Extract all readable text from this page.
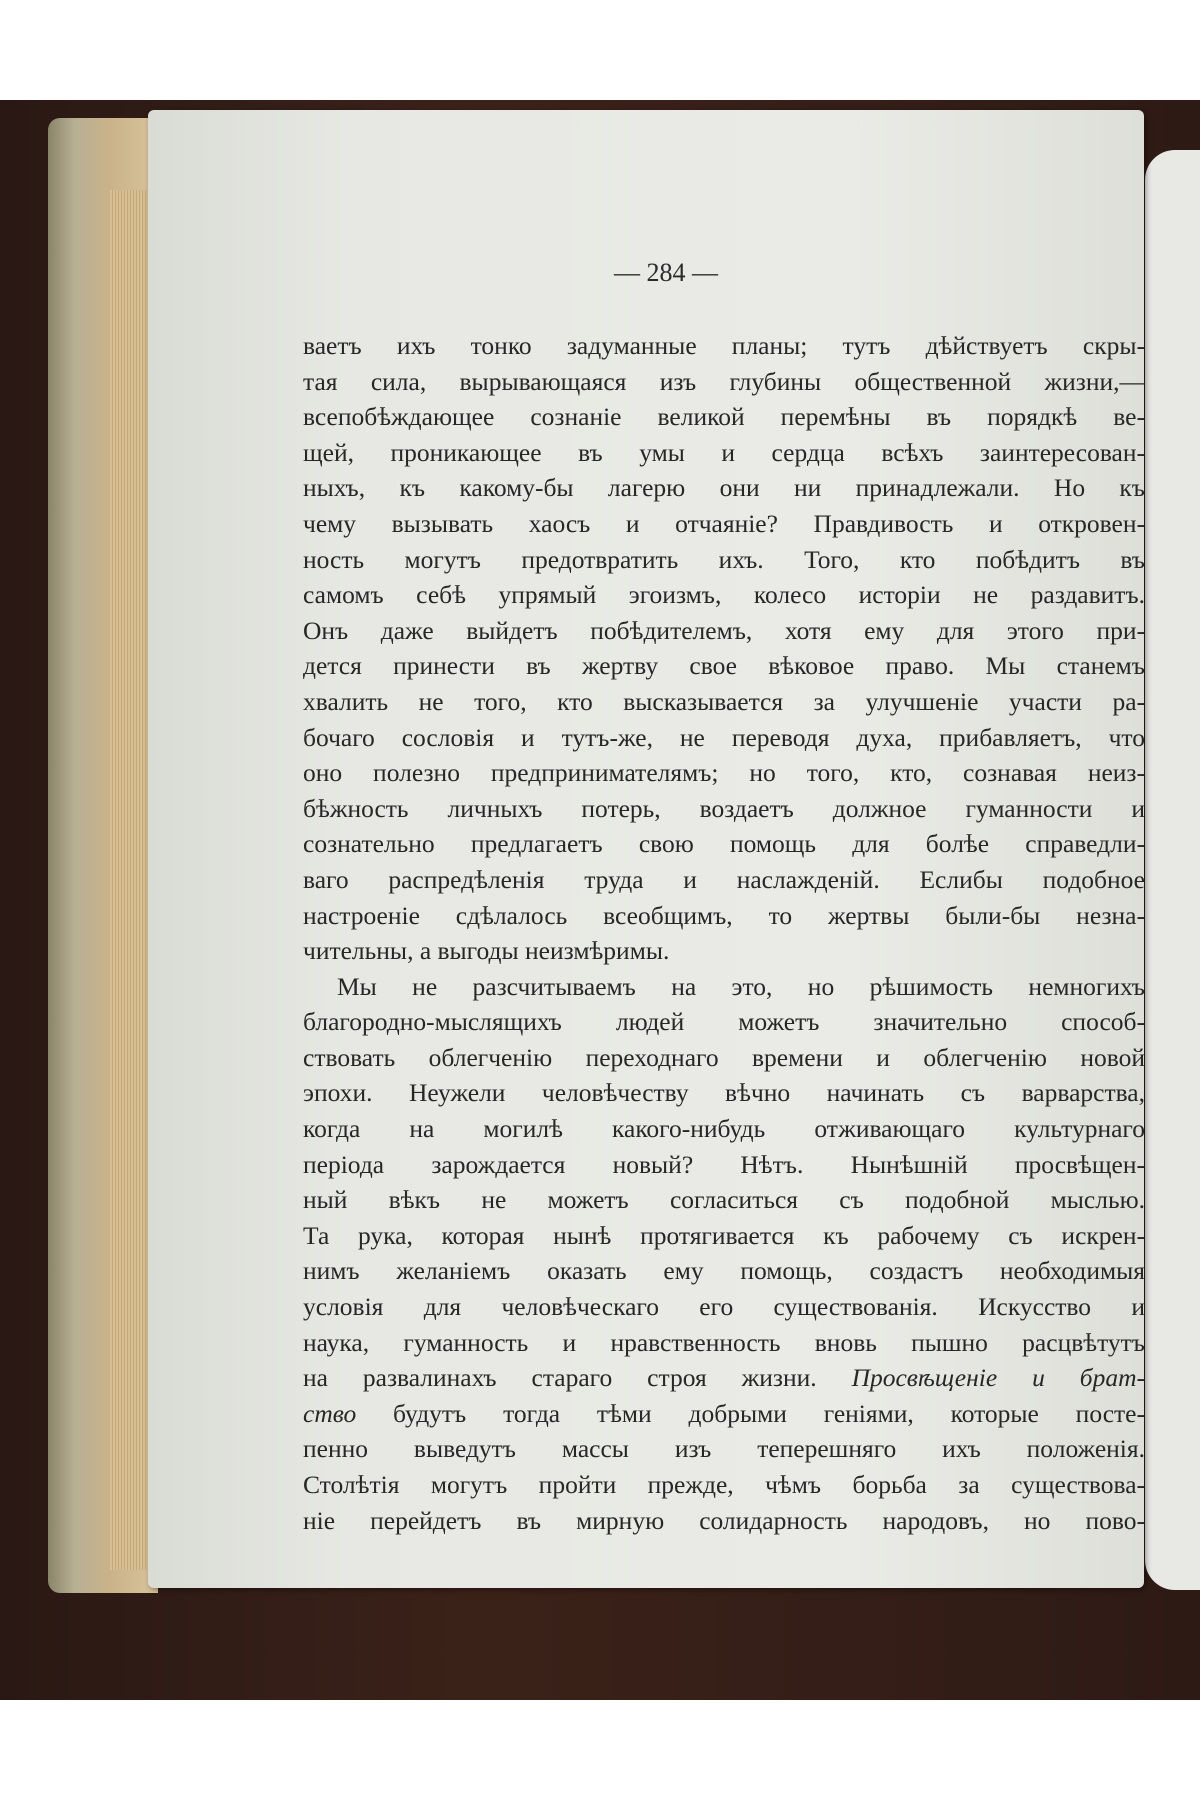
— 284 —
ваетъ ихъ тонко задуманные планы; тутъ дѣйствуетъ скры-
тая сила, вырывающаяся изъ глубины общественной жизни,—
всепобѣждающее сознаніе великой перемѣны въ порядкѣ ве-
щей, проникающее въ умы и сердца всѣхъ заинтересован-
ныхъ, къ какому-бы лагерю они ни принадлежали. Но къ
чему вызывать хаосъ и отчаяніе? Правдивость и откровен-
ность могутъ предотвратить ихъ. Того, кто побѣдитъ въ
самомъ себѣ упрямый эгоизмъ, колесо исторіи не раздавитъ.
Онъ даже выйдетъ побѣдителемъ, хотя ему для этого при-
дется принести въ жертву свое вѣковое право. Мы станемъ
хвалить не того, кто высказывается за улучшеніе участи ра-
бочаго сословія и тутъ-же, не переводя духа, прибавляетъ, что
оно полезно предпринимателямъ; но того, кто, сознавая неиз-
бѣжность личныхъ потерь, воздаетъ должное гуманности и
сознательно предлагаетъ свою помощь для болѣе справедли-
ваго распредѣленія труда и наслажденій. Еслибы подобное
настроеніе сдѣлалось всеобщимъ, то жертвы были-бы незна-
чительны, а выгоды неизмѣримы.
Мы не разсчитываемъ на это, но рѣшимость немногихъ
благородно-мыслящихъ людей можетъ значительно способ-
ствовать облегченію переходнаго времени и облегченію новой
эпохи. Неужели человѣчеству вѣчно начинать съ варварства,
когда на могилѣ какого-нибудь отживающаго культурнаго
періода зарождается новый? Нѣтъ. Нынѣшній просвѣщен-
ный вѣкъ не можетъ согласиться съ подобной мыслью.
Та рука, которая нынѣ протягивается къ рабочему съ искрен-
нимъ желаніемъ оказать ему помощь, создастъ необходимыя
условія для человѣческаго его существованія. Искусство и
наука, гуманность и нравственность вновь пышно расцвѣтутъ
на развалинахъ стараго строя жизни. Просвѣщеніе и брат-
ство будутъ тогда тѣми добрыми геніями, которые посте-
пенно выведутъ массы изъ теперешняго ихъ положенія.
Столѣтія могутъ пройти прежде, чѣмъ борьба за существова-
ніе перейдетъ въ мирную солидарность народовъ, но пово-
